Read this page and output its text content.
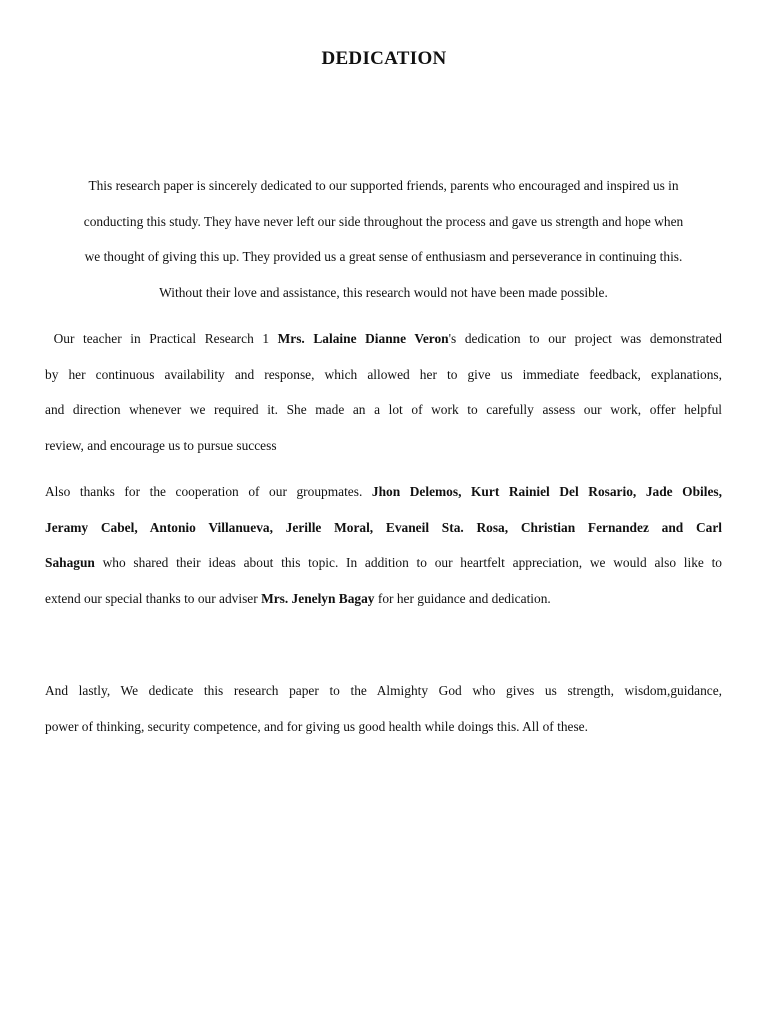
DEDICATION
This research paper is sincerely dedicated to our supported friends, parents who encouraged and inspired us in
conducting this study. They have never left our side throughout the process and gave us strength and hope when
we thought of giving this up. They provided us a great sense of enthusiasm and perseverance in continuing this.
Without their love and assistance, this research would not have been made possible.
Our teacher in Practical Research 1 Mrs. Lalaine Dianne Veron's dedication to our project was demonstrated
by her continuous availability and response, which allowed her to give us immediate feedback, explanations,
and direction whenever we required it. She made an a lot of work to carefully assess our work, offer helpful
review, and encourage us to pursue success
Also thanks for the cooperation of our groupmates. Jhon Delemos, Kurt Rainiel Del Rosario, Jade Obiles,
Jeramy Cabel, Antonio Villanueva, Jerille Moral, Evaneil Sta. Rosa, Christian Fernandez and Carl
Sahagun who shared their ideas about this topic. In addition to our heartfelt appreciation, we would also like to
extend our special thanks to our adviser Mrs. Jenelyn Bagay for her guidance and dedication.
And lastly, We dedicate this research paper to the Almighty God who gives us strength, wisdom,guidance,
power of thinking, security competence, and for giving us good health while doings this. All of these.
